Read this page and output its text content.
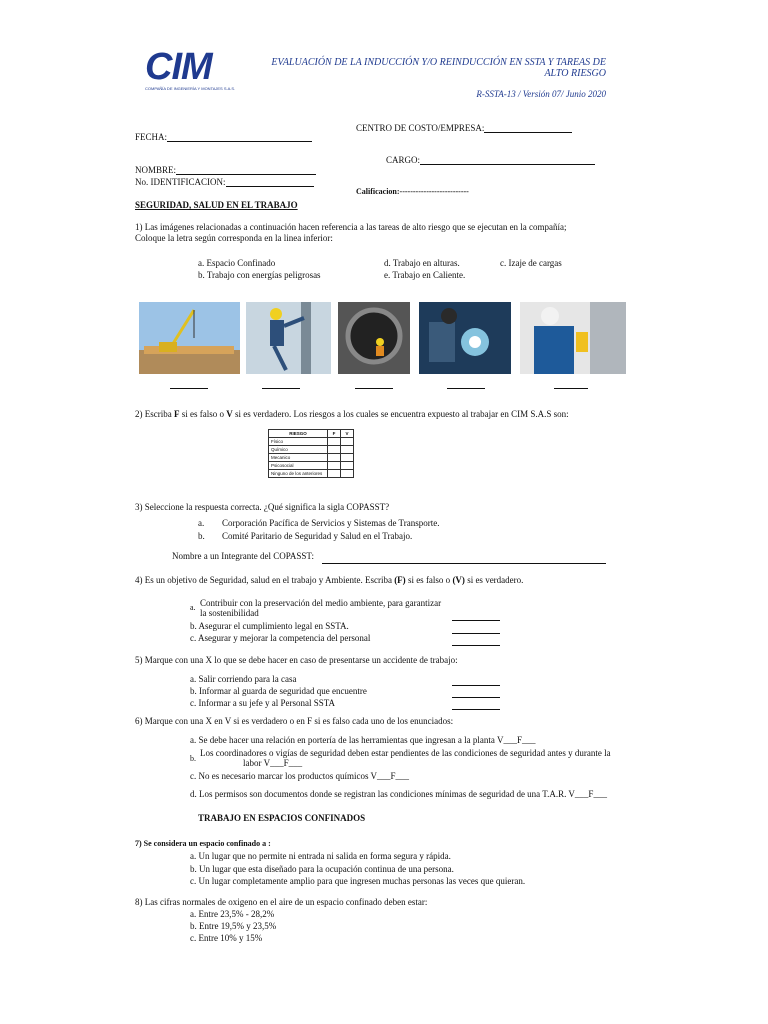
CIM
COMPAÑÍA DE INGENIERÍA Y MONTAJES S.A.S.
EVALUACIÓN DE LA INDUCCIÓN Y/O REINDUCCIÓN EN SSTA Y TAREAS DE
ALTO RIESGO
R-SSTA-13 / Versión 07/ Junio 2020
CENTRO DE COSTO/EMPRESA:
FECHA:
CARGO:
NOMBRE:
No. IDENTIFICACION:
Calificacion:--------------------------
SEGURIDAD, SALUD EN EL TRABAJO
1) Las imágenes relacionadas a continuación hacen referencia a las tareas de alto riesgo que se ejecutan en la compañía;
Coloque la letra según corresponda en la linea inferior:
a. Espacio Confinado
b. Trabajo con energías peligrosas
d. Trabajo en alturas.
e. Trabajo en Caliente.
c. Izaje de cargas
2) Escriba F si es falso o V si es verdadero. Los riesgos a los cuales se encuentra expuesto al trabajar en CIM S.A.S son:
RIESGO	F	V
Físico		
Químico		
Mecanico		
Psicosocial		
Ninguno de los anteriores		
3) Seleccione la respuesta correcta. ¿Qué significa la sigla COPASST?
a. Corporación Pacífica de Servicios y Sistemas de Transporte.
b. Comité Paritario de Seguridad y Salud en el Trabajo.
Nombre a un Integrante del COPASST:
4) Es un objetivo de Seguridad, salud en el trabajo y Ambiente. Escriba (F) si es falso o (V) si es verdadero.
a. Contribuir con la preservación del medio ambiente, para garantizar
la sostenibilidad
b. Asegurar el cumplimiento legal en SSTA.
c. Asegurar y mejorar la competencia del personal
5) Marque con una X lo que se debe hacer en caso de presentarse un accidente de trabajo:
a. Salir corriendo para la casa
b. Informar al guarda de seguridad que encuentre
c. Informar a su jefe y al Personal SSTA
6) Marque con una X en V si es verdadero o en F si es falso cada uno de los enunciados:
a. Se debe hacer una relación en portería de las herramientas que ingresan a la planta V___F___
b.
Los coordinadores o vigías de seguridad deben estar pendientes de las condiciones de seguridad antes y durante la
labor V___F___
c. No es necesario marcar los productos químicos V___F___
d. Los permisos son documentos donde se registran las condiciones mínimas de seguridad de una T.A.R. V___F___
TRABAJO EN ESPACIOS CONFINADOS
7) Se considera un espacio confinado a :
a. Un lugar que no permite ni entrada ni salida en forma segura y rápida.
b. Un lugar que esta diseñado para la ocupación continua de una persona.
c. Un lugar completamente amplio para que ingresen muchas personas las veces que quieran.
8) Las cifras normales de oxigeno en el aire de un espacio confinado deben estar:
a. Entre 23,5% - 28,2%
b. Entre 19,5% y 23,5%
c. Entre 10% y 15%
